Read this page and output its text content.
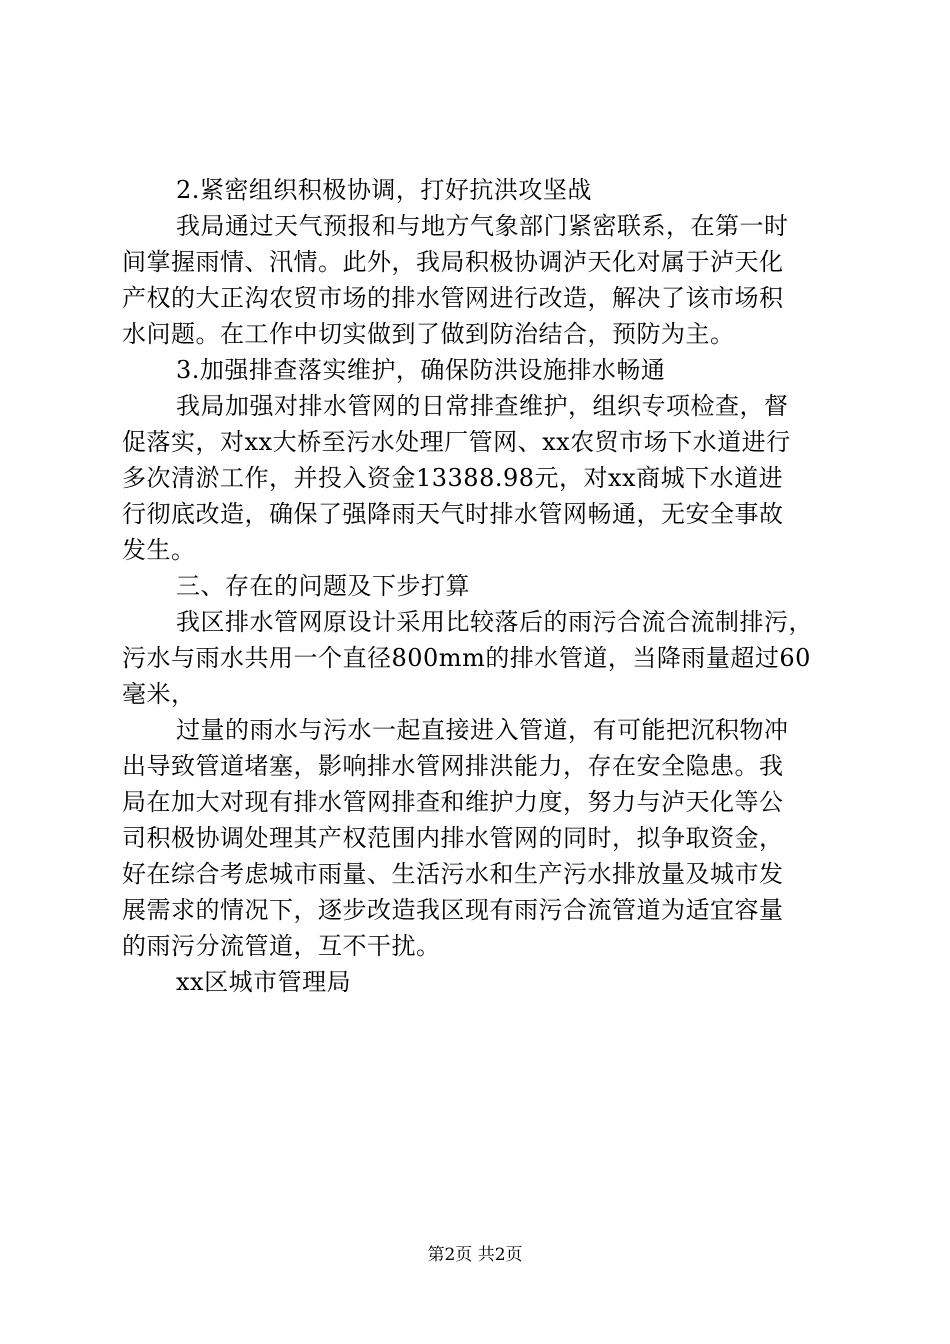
2.紧密组织积极协调，打好抗洪攻坚战
我局通过天气预报和与地方气象部门紧密联系，在第一时
间掌握雨情、汛情。此外，我局积极协调泸天化对属于泸天化
产权的大正沟农贸市场的排水管网进行改造，解决了该市场积
水问题。在工作中切实做到了做到防治结合，预防为主。
3.加强排查落实维护，确保防洪设施排水畅通
我局加强对排水管网的日常排查维护，组织专项检查，督
促落实，对xx大桥至污水处理厂管网、xx农贸市场下水道进行
多次清淤工作，并投入资金13388.98元，对xx商城下水道进
行彻底改造，确保了强降雨天气时排水管网畅通，无安全事故
发生。
三、存在的问题及下步打算
我区排水管网原设计采用比较落后的雨污合流合流制排污，
污水与雨水共用一个直径800mm的排水管道，当降雨量超过60
毫米，
过量的雨水与污水一起直接进入管道，有可能把沉积物冲
出导致管道堵塞，影响排水管网排洪能力，存在安全隐患。我
局在加大对现有排水管网排查和维护力度，努力与泸天化等公
司积极协调处理其产权范围内排水管网的同时，拟争取资金，
好在综合考虑城市雨量、生活污水和生产污水排放量及城市发
展需求的情况下，逐步改造我区现有雨污合流管道为适宜容量
的雨污分流管道，互不干扰。
xx区城市管理局
第2页 共2页
